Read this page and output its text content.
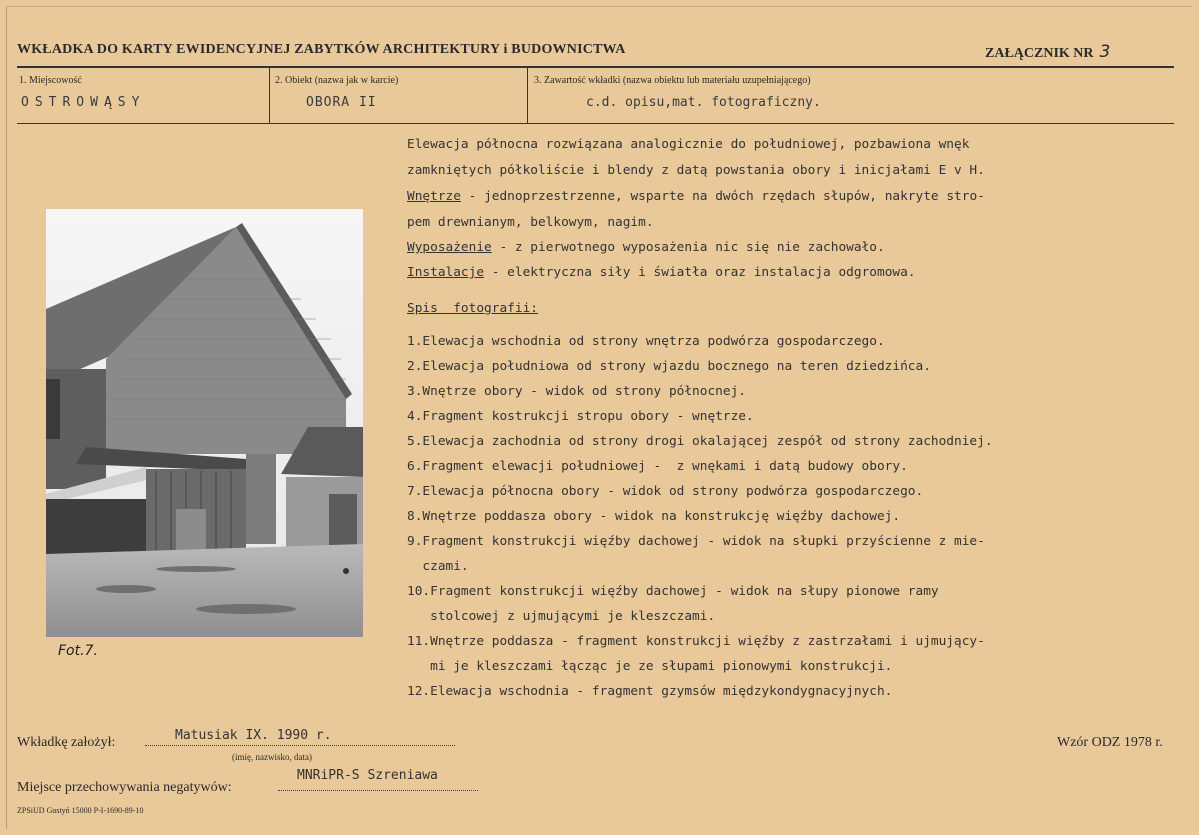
WKŁADKA DO KARTY EWIDENCYJNEJ ZABYTKÓW ARCHITEKTURY i BUDOWNICTWA	ZAŁĄCZNIK NR 3
1. Miejscowość
OSTROWĄSY
2. Obiekt (nazwa jak w karcie)
OBORA II
3. Zawartość wkładki (nazwa obiektu lub materiału uzupełniającego)
c.d. opisu,mat. fotograficzny.
Fot.7.
Elewacja północna rozwiązana analogicznie do południowej, pozbawiona wnęk
zamkniętych półkoliście i blendy z datą powstania obory i inicjałami E v H.
Wnętrze - jednoprzestrzenne, wsparte na dwóch rzędach słupów, nakryte stro-
pem drewnianym, belkowym, nagim.
Wyposażenie - z pierwotnego wyposażenia nic się nie zachowało.
Instalacje - elektryczna siły i światła oraz instalacja odgromowa.
Spis  fotografii:
1.Elewacja wschodnia od strony wnętrza podwórza gospodarczego.
2.Elewacja południowa od strony wjazdu bocznego na teren dziedzińca.
3.Wnętrze obory - widok od strony północnej.
4.Fragment kostrukcji stropu obory - wnętrze.
5.Elewacja zachodnia od strony drogi okalającej zespół od strony zachodniej.
6.Fragment elewacji południowej -  z wnękami i datą budowy obory.
7.Elewacja północna obory - widok od strony podwórza gospodarczego.
8.Wnętrze poddasza obory - widok na konstrukcję więźby dachowej.
9.Fragment konstrukcji więźby dachowej - widok na słupki przyścienne z mie-
czami.
10.Fragment konstrukcji więźby dachowej - widok na słupy pionowe ramy
stolcowej z ujmującymi je kleszczami.
11.Wnętrze poddasza - fragment konstrukcji więźby z zastrzałami i ujmujący-
mi je kleszczami łącząc je ze słupami pionowymi konstrukcji.
12.Elewacja wschodnia - fragment gzymsów międzykondygnacyjnych.
Wkładkę założył:	Matusiak IX. 1990 r.
(imię, nazwisko, data)
Wzór ODZ 1978 r.
Miejsce przechowywania negatywów:
MNRiPR-S Szreniawa
ZPSiUD Gostyń 15000 P-I-1690-89-10
